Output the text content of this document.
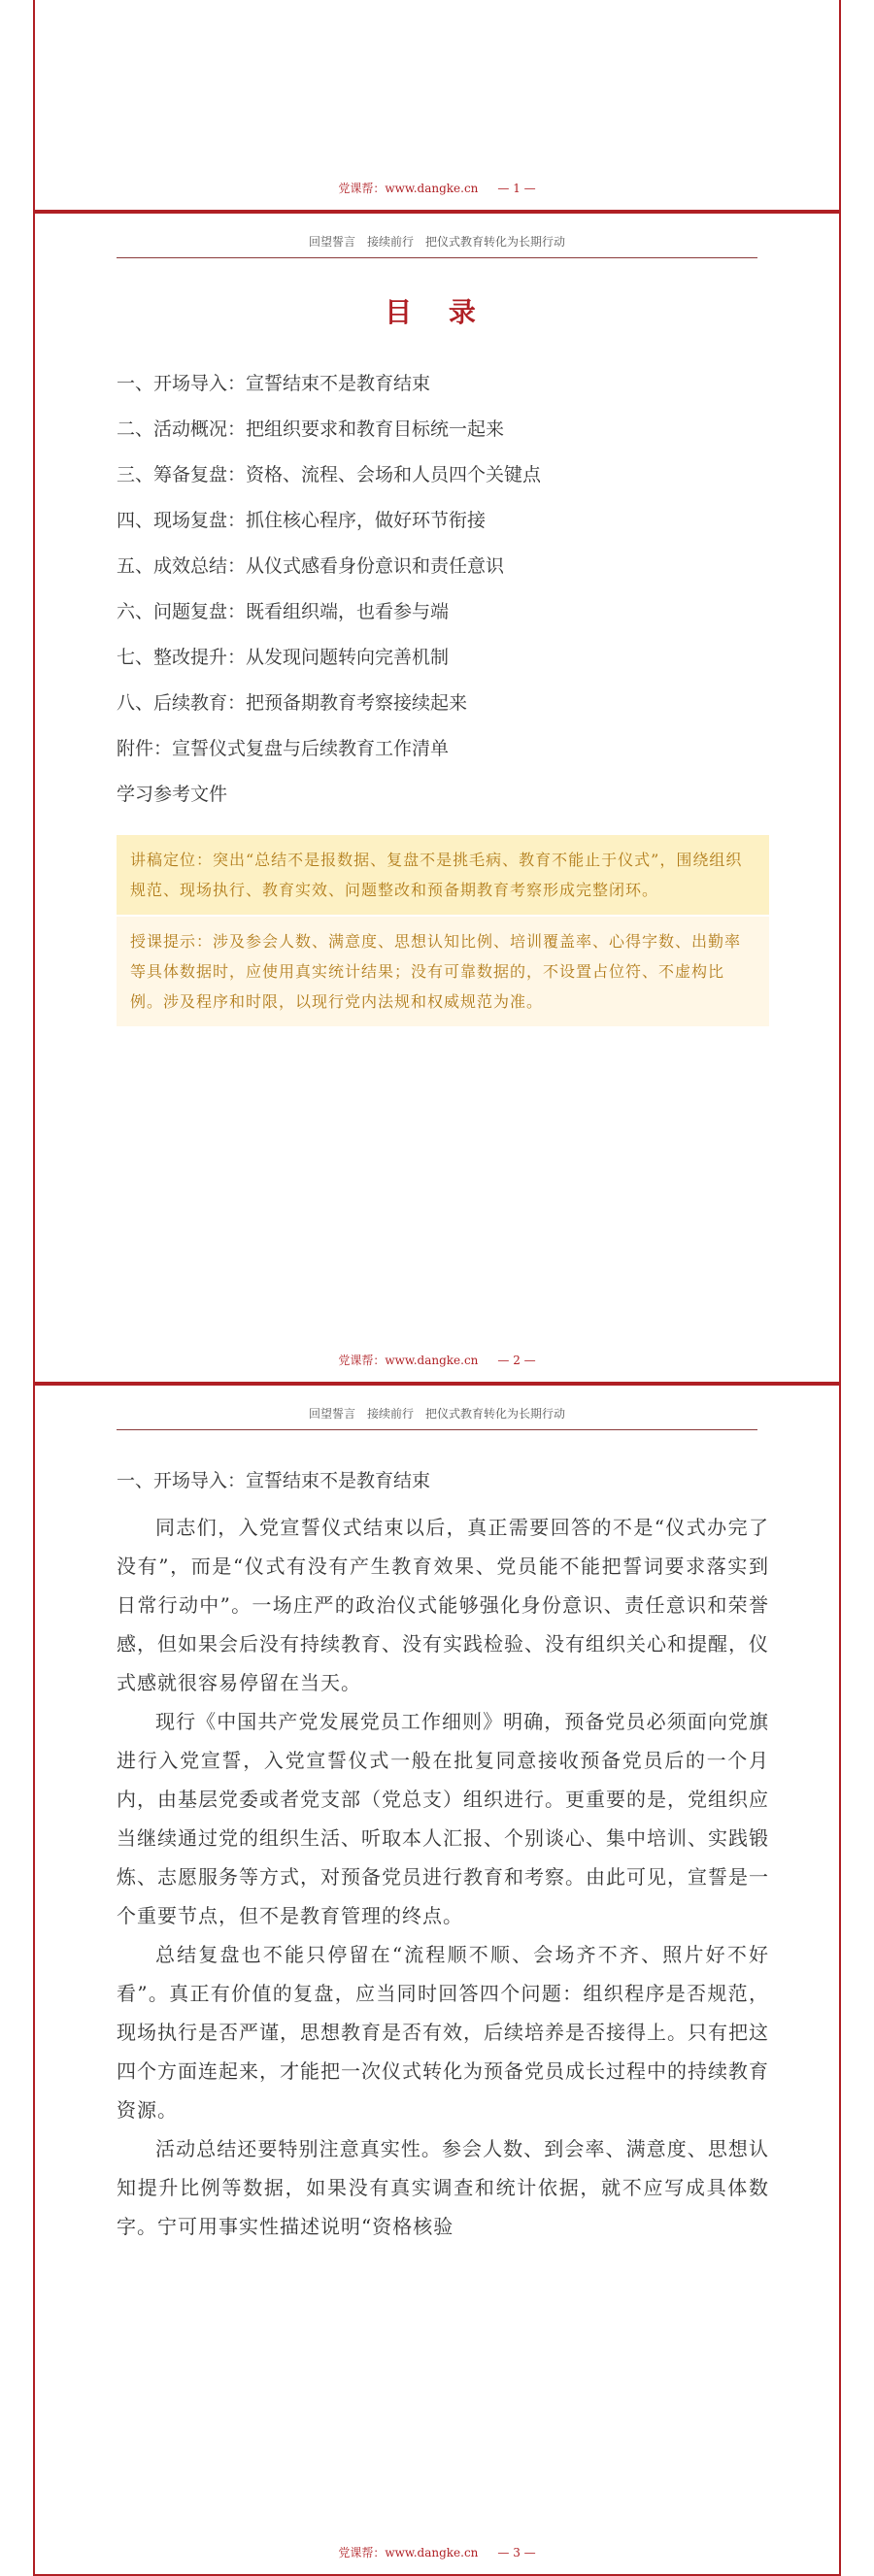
党课帮：www.dangke.cn — 1 —
回望誓言　接续前行　把仪式教育转化为长期行动
目 录
一、开场导入：宣誓结束不是教育结束
二、活动概况：把组织要求和教育目标统一起来
三、筹备复盘：资格、流程、会场和人员四个关键点
四、现场复盘：抓住核心程序，做好环节衔接
五、成效总结：从仪式感看身份意识和责任意识
六、问题复盘：既看组织端，也看参与端
七、整改提升：从发现问题转向完善机制
八、后续教育：把预备期教育考察接续起来
附件：宣誓仪式复盘与后续教育工作清单
学习参考文件
讲稿定位：突出“总结不是报数据、复盘不是挑毛病、教育不能止于仪式”，围绕组织规范、现场执行、教育实效、问题整改和预备期教育考察形成完整闭环。
授课提示：涉及参会人数、满意度、思想认知比例、培训覆盖率、心得字数、出勤率等具体数据时，应使用真实统计结果；没有可靠数据的，不设置占位符、不虚构比例。涉及程序和时限，以现行党内法规和权威规范为准。
党课帮：www.dangke.cn — 2 —
回望誓言　接续前行　把仪式教育转化为长期行动
一、开场导入：宣誓结束不是教育结束

同志们，入党宣誓仪式结束以后，真正需要回答的不是“仪式办完了没有”，而是“仪式有没有产生教育效果、党员能不能把誓词要求落实到日常行动中”。一场庄严的政治仪式能够强化身份意识、责任意识和荣誉感，但如果会后没有持续教育、没有实践检验、没有组织关心和提醒，仪式感就很容易停留在当天。

现行《中国共产党发展党员工作细则》明确，预备党员必须面向党旗进行入党宣誓，入党宣誓仪式一般在批复同意接收预备党员后的一个月内，由基层党委或者党支部（党总支）组织进行。更重要的是，党组织应当继续通过党的组织生活、听取本人汇报、个别谈心、集中培训、实践锻炼、志愿服务等方式，对预备党员进行教育和考察。由此可见，宣誓是一个重要节点，但不是教育管理的终点。

总结复盘也不能只停留在“流程顺不顺、会场齐不齐、照片好不好看”。真正有价值的复盘，应当同时回答四个问题：组织程序是否规范，现场执行是否严谨，思想教育是否有效，后续培养是否接得上。只有把这四个方面连起来，才能把一次仪式转化为预备党员成长过程中的持续教育资源。

活动总结还要特别注意真实性。参会人数、到会率、满意度、思想认知提升比例等数据，如果没有真实调查和统计依据，就不应写成具体数字。宁可用事实性描述说明“资格核验

党课帮：www.dangke.cn — 3 —
